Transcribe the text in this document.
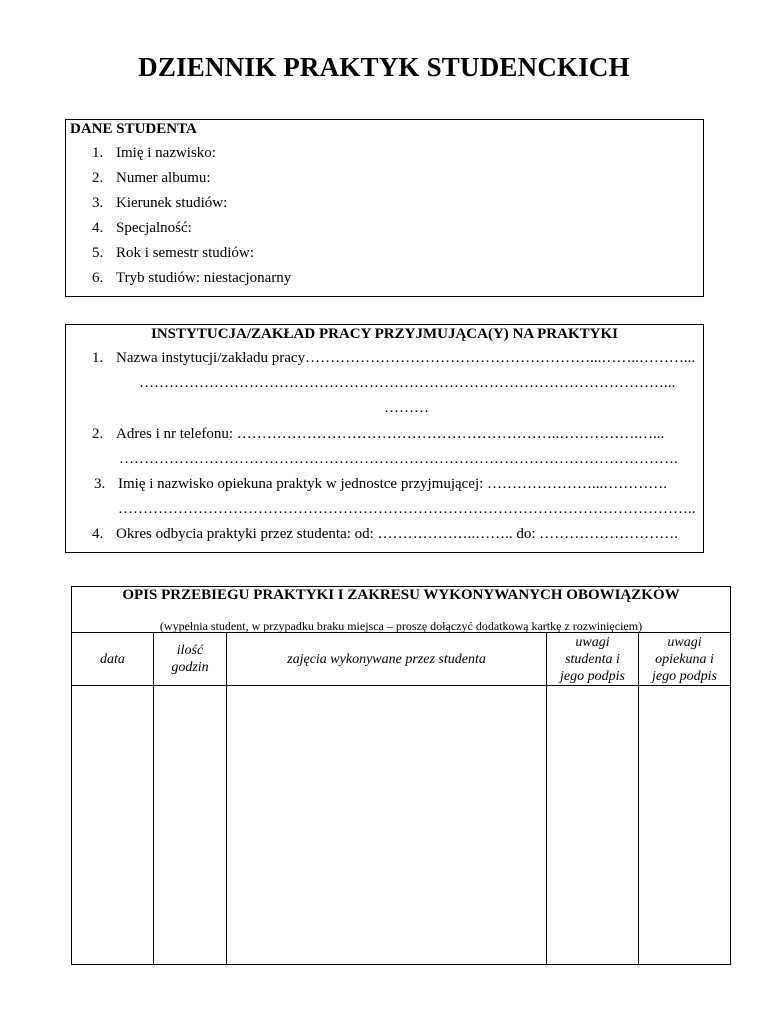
DZIENNIK PRAKTYK STUDENCKICH
DANE STUDENTA
1. Imię i nazwisko:
2. Numer albumu:
3. Kierunek studiów:
4. Specjalność:
5. Rok i semestr studiów:
6. Tryb studiów: niestacjonarny
INSTYTUCJA/ZAKŁAD PRACY PRZYJMUJĄCA(Y) NA PRAKTYKI
1. Nazwa instytucji/zakładu pracy…………………………………………………...……..………...
……………………………………………………………………………………………...
………
2. Adres i nr telefonu: ………………………………………………………..…………….…...
………………………………………………………………………………………………….
3. Imię i nazwisko opiekuna praktyk w jednostce przyjmującej: …………………...………….
……………………………………………………………………………………………………..
4. Okres odbycia praktyki przez studenta: od: ………………..…….. do: ……………………….
OPIS PRZEBIEGU PRAKTYKI I ZAKRESU WYKONYWANYCH OBOWIĄZKÓW
(wypełnia student, w przypadku braku miejsca – proszę dołączyć dodatkową kartkę z rozwinięciem)
data
ilość godzin
zajęcia wykonywane przez studenta
uwagi studenta i jego podpis
uwagi opiekuna i jego podpis
